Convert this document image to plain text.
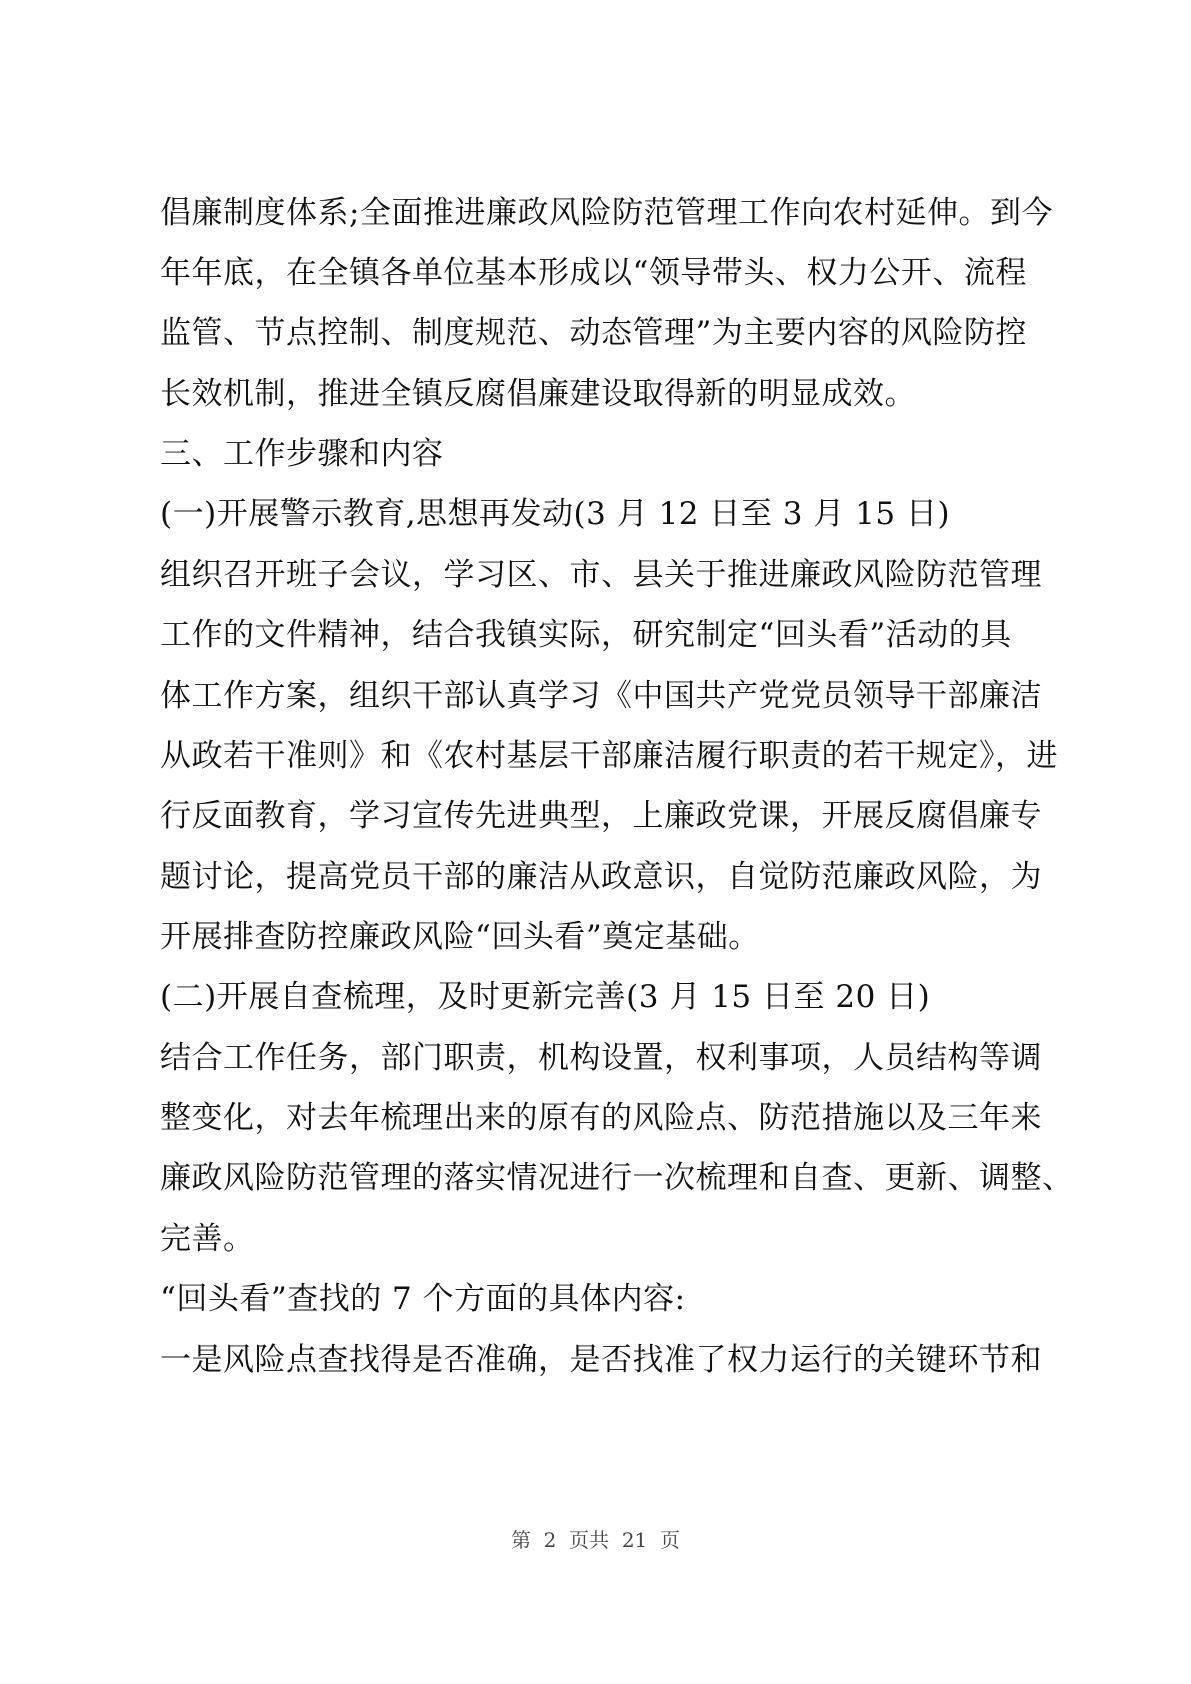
倡廉制度体系;全面推进廉政风险防范管理工作向农村延伸。到今
年年底，在全镇各单位基本形成以“领导带头、权力公开、流程
监管、节点控制、制度规范、动态管理”为主要内容的风险防控
长效机制，推进全镇反腐倡廉建设取得新的明显成效。
三、工作步骤和内容
(一)开展警示教育,思想再发动(3 月 12 日至 3 月 15 日)
组织召开班子会议，学习区、市、县关于推进廉政风险防范管理
工作的文件精神，结合我镇实际，研究制定“回头看”活动的具
体工作方案，组织干部认真学习《中国共产党党员领导干部廉洁
从政若干准则》和《农村基层干部廉洁履行职责的若干规定》，进
行反面教育，学习宣传先进典型，上廉政党课，开展反腐倡廉专
题讨论，提高党员干部的廉洁从政意识，自觉防范廉政风险，为
开展排查防控廉政风险“回头看”奠定基础。
(二)开展自查梳理，及时更新完善(3 月 15 日至 20 日)
结合工作任务，部门职责，机构设置，权利事项，人员结构等调
整变化，对去年梳理出来的原有的风险点、防范措施以及三年来
廉政风险防范管理的落实情况进行一次梳理和自查、更新、调整、
完善。
“回头看”查找的 7 个方面的具体内容:
一是风险点查找得是否准确，是否找准了权力运行的关键环节和
第  2  页共  21  页
